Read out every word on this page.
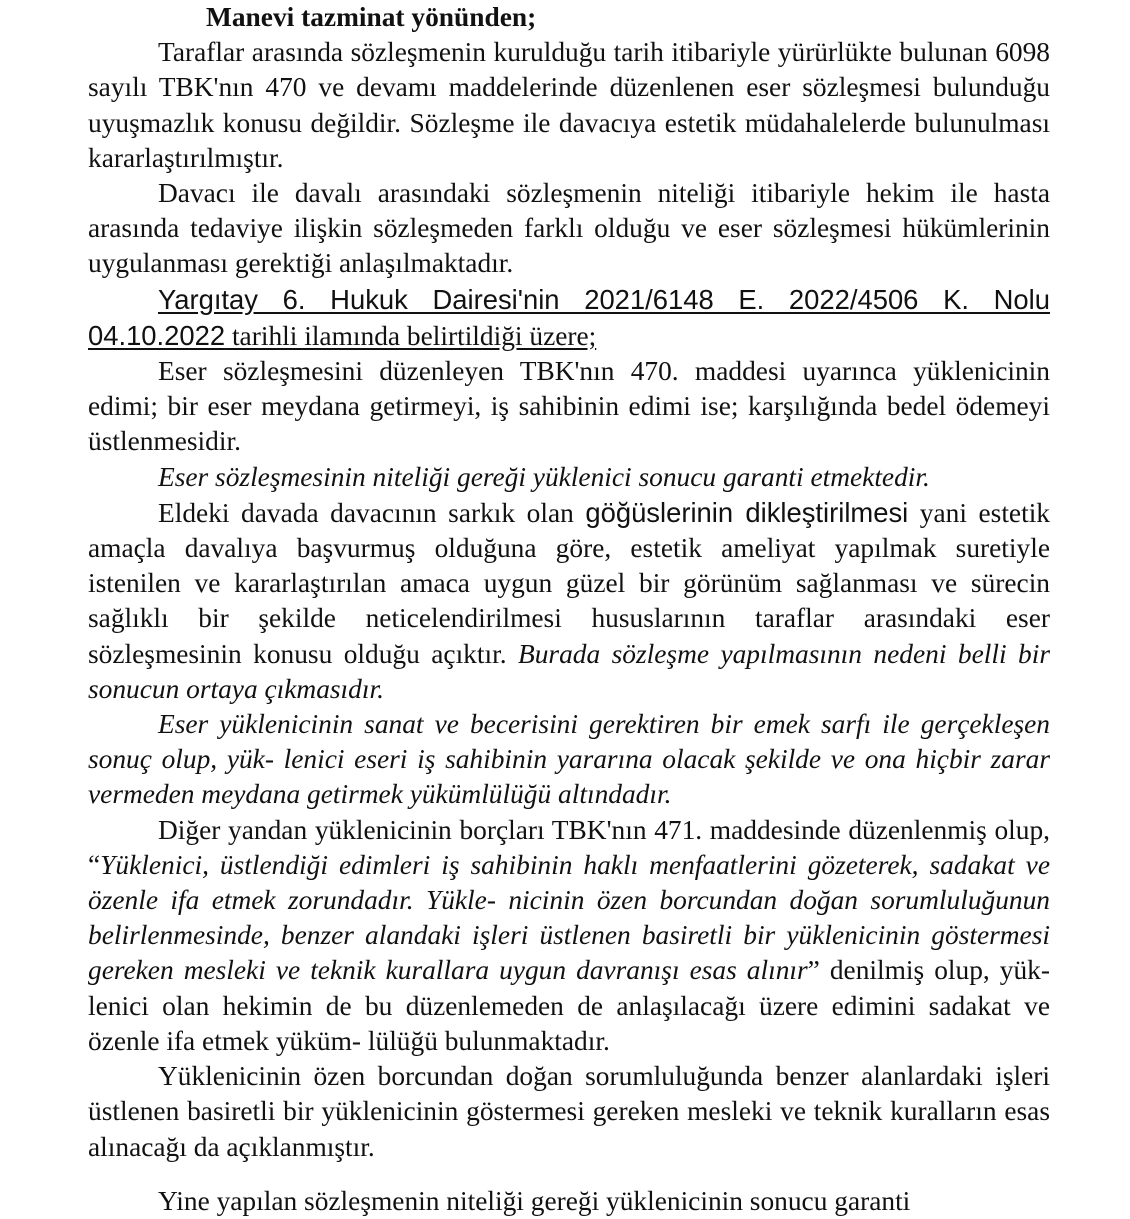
Manevi tazminat yönünden;

Taraflar arasında sözleşmenin kurulduğu tarih itibariyle yürürlükte bulunan 6098 sayılı TBK'nın 470 ve devamı maddelerinde düzenlenen eser sözleşmesi bulunduğu uyuşmazlık konusu değildir. Sözleşme ile davacıya estetik müdahalelerde bulunulması kararlaştırılmıştır.

Davacı ile davalı arasındaki sözleşmenin niteliği itibariyle hekim ile hasta arasında tedaviye ilişkin sözleşmeden farklı olduğu ve eser sözleşmesi hükümlerinin uygulanması gerektiği anlaşılmaktadır.

Yargıtay 6. Hukuk Dairesi'nin 2021/6148 E. 2022/4506 K. Nolu 04.10.2022 tarihli ilamında belirtildiği üzere;

Eser sözleşmesini düzenleyen TBK'nın 470. maddesi uyarınca yüklenicinin edimi; bir eser meydana getirmeyi, iş sahibinin edimi ise; karşılığında bedel ödemeyi üstlenmesidir.

Eser sözleşmesinin niteliği gereği yüklenici sonucu garanti etmektedir.

Eldeki davada davacının sarkık olan göğüslerinin dikleştirilmesi yani estetik amaçla davalıya başvurmuş olduğuna göre, estetik ameliyat yapılmak suretiyle istenilen ve kararlaştırılan amaca uygun güzel bir görünüm sağlanması ve sürecin sağlıklı bir şekilde neticelendirilmesi hususlarının taraflar arasındaki eser sözleşmesinin konusu olduğu açıktır. Burada sözleşme yapılmasının nedeni belli bir sonucun ortaya çıkmasıdır.

Eser yüklenicinin sanat ve becerisini gerektiren bir emek sarfı ile gerçekleşen sonuç olup, yük- lenici eseri iş sahibinin yararına olacak şekilde ve ona hiçbir zarar vermeden meydana getirmek yükümlülüğü altındadır.

Diğer yandan yüklenicinin borçları TBK'nın 471. maddesinde düzenlenmiş olup, “Yüklenici, üstlendiği edimleri iş sahibinin haklı menfaatlerini gözeterek, sadakat ve özenle ifa etmek zorundadır. Yükle- nicinin özen borcundan doğan sorumluluğunun belirlenmesinde, benzer alandaki işleri üstlenen basiretli bir yüklenicinin göstermesi gereken mesleki ve teknik kurallara uygun davranışı esas alınır” denilmiş olup, yük- lenici olan hekimin de bu düzenlemeden de anlaşılacağı üzere edimini sadakat ve özenle ifa etmek yüküm- lülüğü bulunmaktadır.

Yüklenicinin özen borcundan doğan sorumluluğunda benzer alanlardaki işleri üstlenen basiretli bir yüklenicinin göstermesi gereken mesleki ve teknik kuralların esas alınacağı da açıklanmıştır.

Yine yapılan sözleşmenin niteliği gereği yüklenicinin sonucu garanti
